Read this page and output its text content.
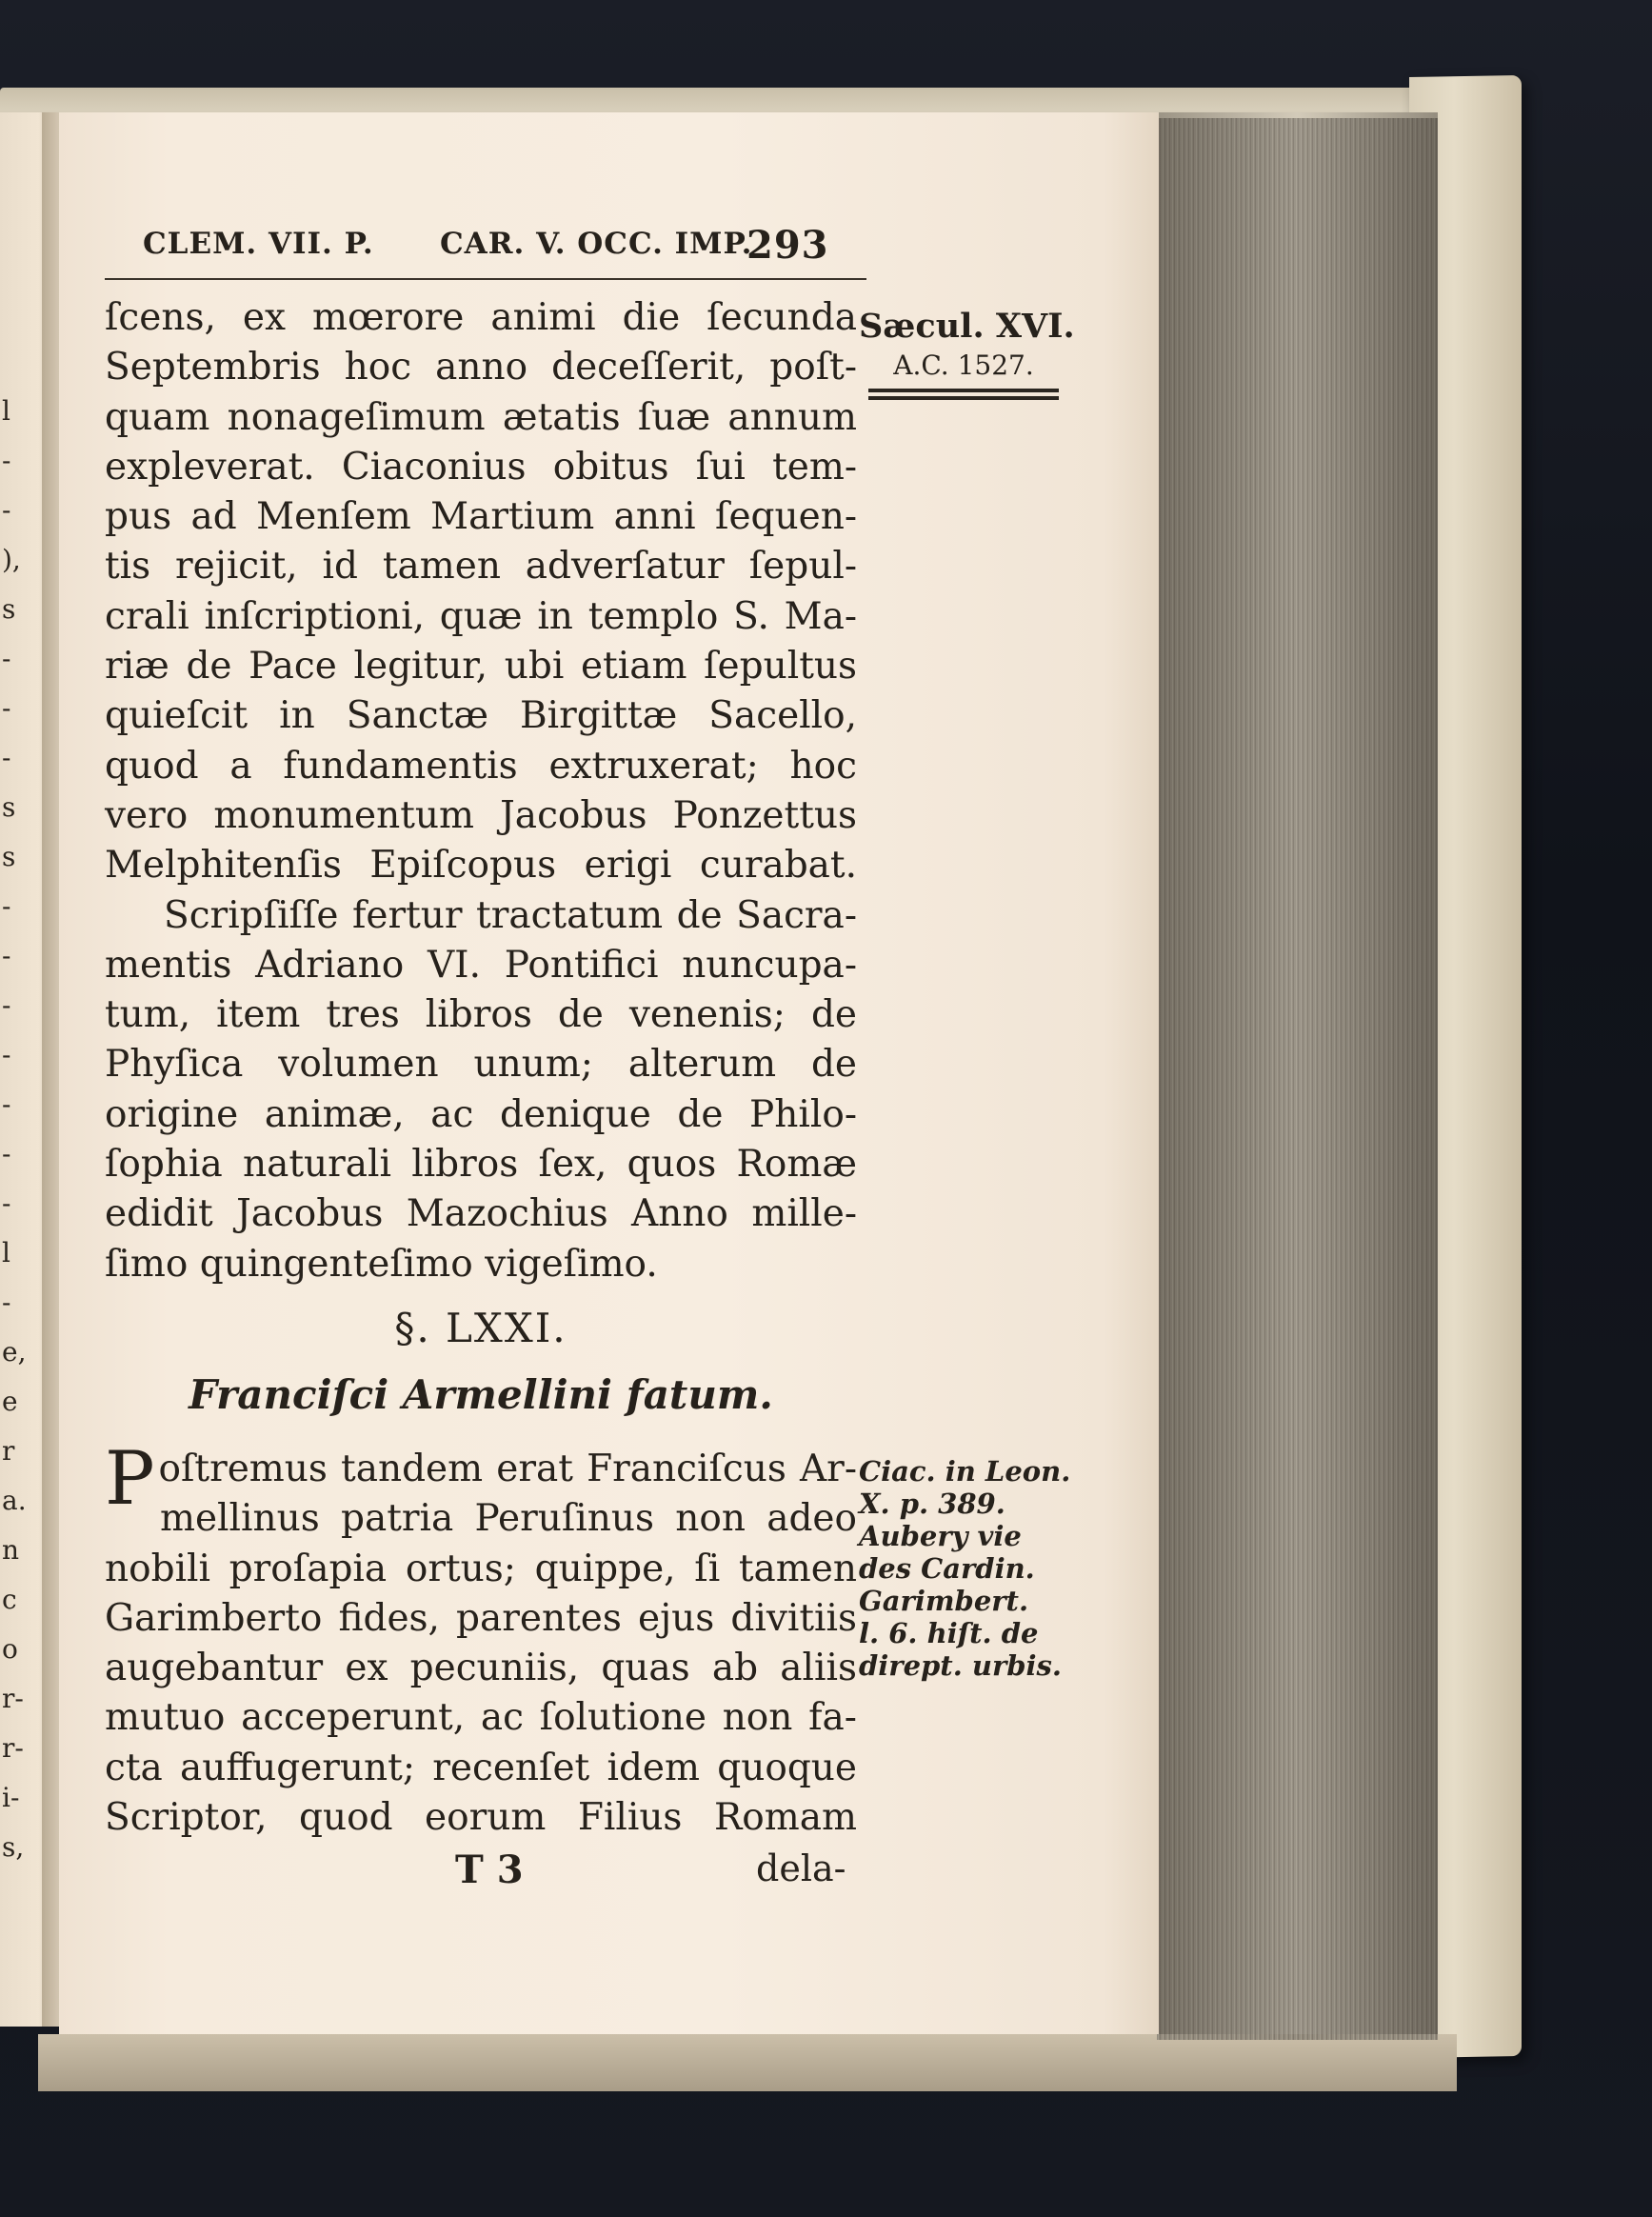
l
-
-
),
s
-
-
-
s
s
-
-
-
-
-
-
-
l
-
e,
e
r
a.
n
c
o
r-
r-
i-
s,
CLEM. VII. P. CAR. V. OCC. IMP.
293
Sæcul. XVI.
A.C. 1527.
ſcens, ex mœrore animi die ſecunda
Septembris hoc anno deceſſerit, poſt-
quam nonageſimum ætatis ſuæ annum
expleverat. Ciaconius obitus ſui tem-
pus ad Menſem Martium anni ſequen-
tis rejicit, id tamen adverſatur ſepul-
crali inſcriptioni, quæ in templo S. Ma-
riæ de Pace legitur, ubi etiam ſepultus
quieſcit in Sanctæ Birgittæ Sacello,
quod a fundamentis extruxerat; hoc
vero monumentum Jacobus Ponzettus
Melphitenſis Epiſcopus erigi curabat.
Scripſiſſe fertur tractatum de Sacra-
mentis Adriano VI. Pontifici nuncupa-
tum, item tres libros de venenis; de
Phyſica volumen unum; alterum de
origine animæ, ac denique de Philo-
ſophia naturali libros ſex, quos Romæ
edidit Jacobus Mazochius Anno mille-
ſimo quingenteſimo vigeſimo.
§. LXXI.
Franciſci Armellini fatum.
P oſtremus tandem erat Franciſcus Ar-
mellinus patria Peruſinus non adeo
nobili proſapia ortus; quippe, ſi tamen
Garimberto fides, parentes ejus divitiis
augebantur ex pecuniis, quas ab aliis
mutuo acceperunt, ac ſolutione non fa-
cta auffugerunt; recenſet idem quoque
Scriptor, quod eorum Filius Romam
Ciac. in Leon.
X. p. 389.
Aubery vie
des Cardin.
Garimbert.
l. 6. hiſt. de
dirept. urbis.
T 3	dela-
